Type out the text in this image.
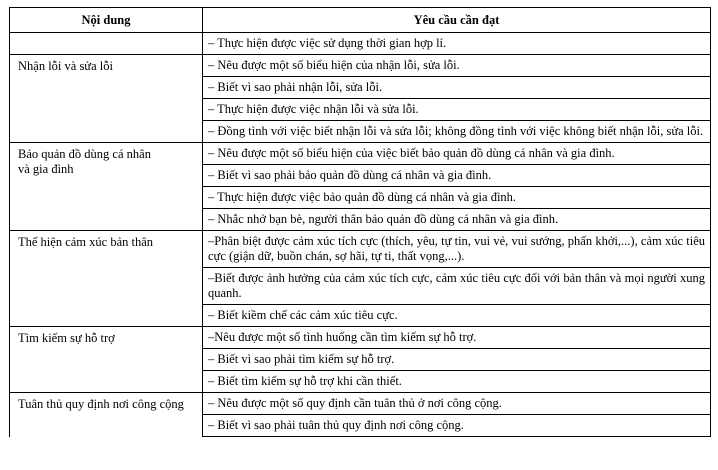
Nội dung	Yêu cầu cần đạt

	– Thực hiện được việc sử dụng thời gian hợp lí.

Nhận lỗi và sửa lỗi	– Nêu được một số biểu hiện của nhận lỗi, sửa lỗi.
	– Biết vì sao phải nhận lỗi, sửa lỗi.
	– Thực hiện được việc nhận lỗi và sửa lỗi.
	– Đồng tình với việc biết nhận lỗi và sửa lỗi; không đồng tình với việc không biết nhận lỗi, sửa lỗi.

Bảo quản đồ dùng cá nhân
và gia đình	– Nêu được một số biểu hiện của việc biết bảo quản đồ dùng cá nhân và gia đình.
	– Biết vì sao phải bảo quản đồ dùng cá nhân và gia đình.
	– Thực hiện được việc bảo quản đồ dùng cá nhân và gia đình.
	– Nhắc nhở bạn bè, người thân bảo quản đồ dùng cá nhân và gia đình.

Thể hiện cảm xúc bản thân	–Phân biệt được cảm xúc tích cực (thích, yêu, tự tin, vui vẻ, vui sướng, phấn khởi,...), cảm xúc tiêu cực (giận dữ, buồn chán, sợ hãi, tự ti, thất vọng,...).
	–Biết được ảnh hưởng của cảm xúc tích cực, cảm xúc tiêu cực đối với bản thân và mọi người xung quanh.
	– Biết kiềm chế các cảm xúc tiêu cực.

Tìm kiếm sự hỗ trợ	–Nêu được một số tình huống cần tìm kiếm sự hỗ trợ.
	– Biết vì sao phải tìm kiếm sự hỗ trợ.
	– Biết tìm kiếm sự hỗ trợ khi cần thiết.

Tuân thủ quy định nơi công cộng	– Nêu được một số quy định cần tuân thủ ở nơi công cộng.
	– Biết vì sao phải tuân thủ quy định nơi công cộng.
